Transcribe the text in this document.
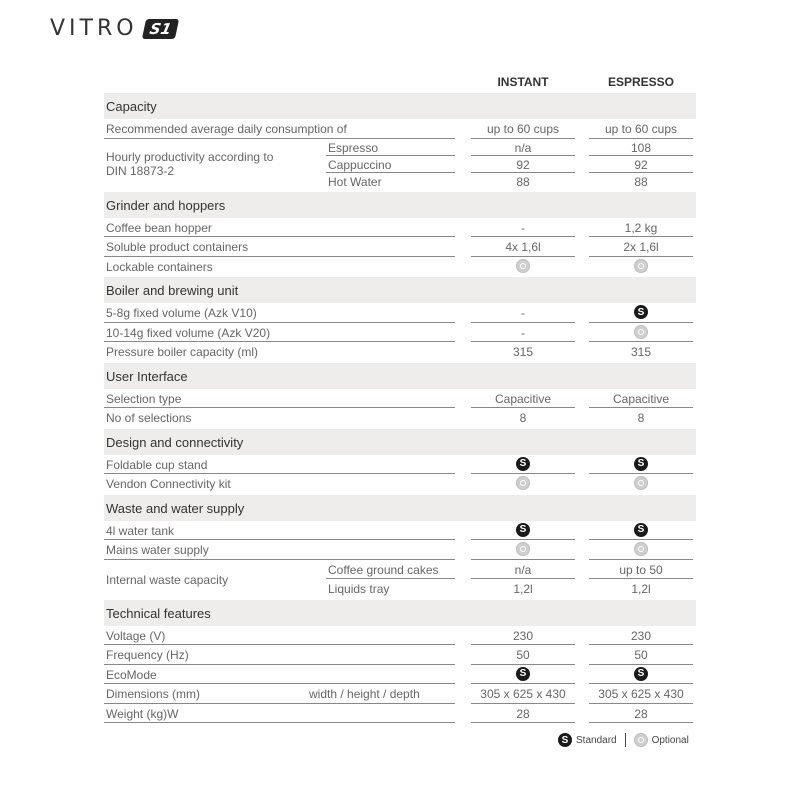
VITRO S1
INSTANT	ESPRESSO
Capacity
Recommended average daily consumption of	up to 60 cups	up to 60 cups
Hourly productivity according to DIN 18873-2
Espresso	n/a	108
Cappuccino	92	92
Hot Water	88	88
Grinder and hoppers
Coffee bean hopper	-	1,2 kg
Soluble product containers	4x 1,6l	2x 1,6l
Lockable containers
Boiler and brewing unit
5-8g fixed volume (Azk V10)	-	S
10-14g fixed volume (Azk V20)	-
Pressure boiler capacity (ml)	315	315
User Interface
Selection type	Capacitive	Capacitive
No of selections	8	8
Design and connectivity
Foldable cup stand	S	S
Vendon Connectivity kit
Waste and water supply
4l water tank	S	S
Mains water supply
Internal waste capacity
Coffee ground cakes	n/a	up to 50
Liquids tray	1,2l	1,2l
Technical features
Voltage (V)	230	230
Frequency (Hz)	50	50
EcoMode	S	S
Dimensions (mm)	width / height / depth	305 x 625 x 430	305 x 625 x 430
Weight (kg)W	28	28
S Standard	Optional
